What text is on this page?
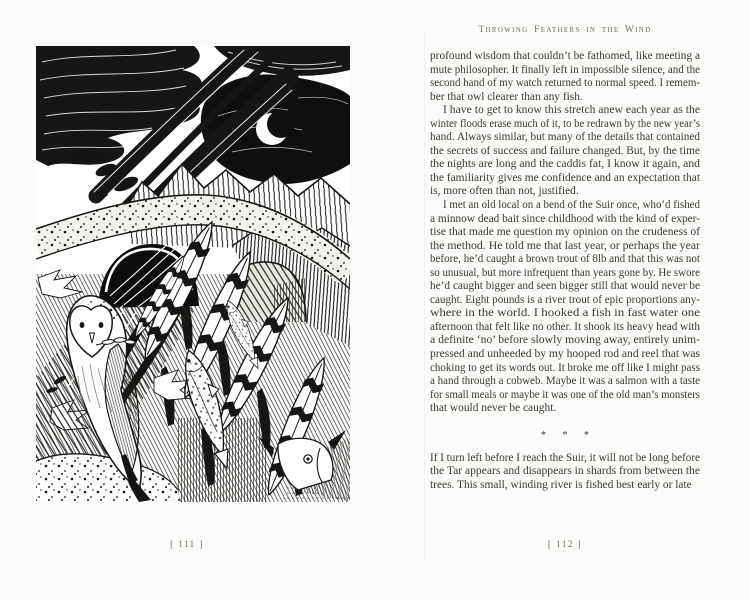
[ 111 ]
Throwing Feathers in the Wind
profound wisdom that couldn’t be fathomed, like meeting a
mute philosopher. It finally left in impossible silence, and the
second hand of my watch returned to normal speed. I remem-
ber that owl clearer than any fish.
I have to get to know this stretch anew each year as the
winter floods erase much of it, to be redrawn by the new year’s
hand. Always similar, but many of the details that contained
the secrets of success and failure changed. But, by the time
the nights are long and the caddis fat, I know it again, and
the familiarity gives me confidence and an expectation that
is, more often than not, justified.
I met an old local on a bend of the Suir once, who’d fished
a minnow dead bait since childhood with the kind of exper-
tise that made me question my opinion on the crudeness of
the method. He told me that last year, or perhaps the year
before, he’d caught a brown trout of 8lb and that this was not
so unusual, but more infrequent than years gone by. He swore
he’d caught bigger and seen bigger still that would never be
caught. Eight pounds is a river trout of epic proportions any-
where in the world. I hooked a fish in fast water one
afternoon that felt like no other. It shook its heavy head with
a definite ‘no’ before slowly moving away, entirely unim-
pressed and unheeded by my hooped rod and reel that was
choking to get its words out. It broke me off like I might pass
a hand through a cobweb. Maybe it was a salmon with a taste
for small meals or maybe it was one of the old man’s monsters
that would never be caught.
* * *
If I turn left before I reach the Suir, it will not be long before
the Tar appears and disappears in shards from between the
trees. This small, winding river is fished best early or late
[ 112 ]
